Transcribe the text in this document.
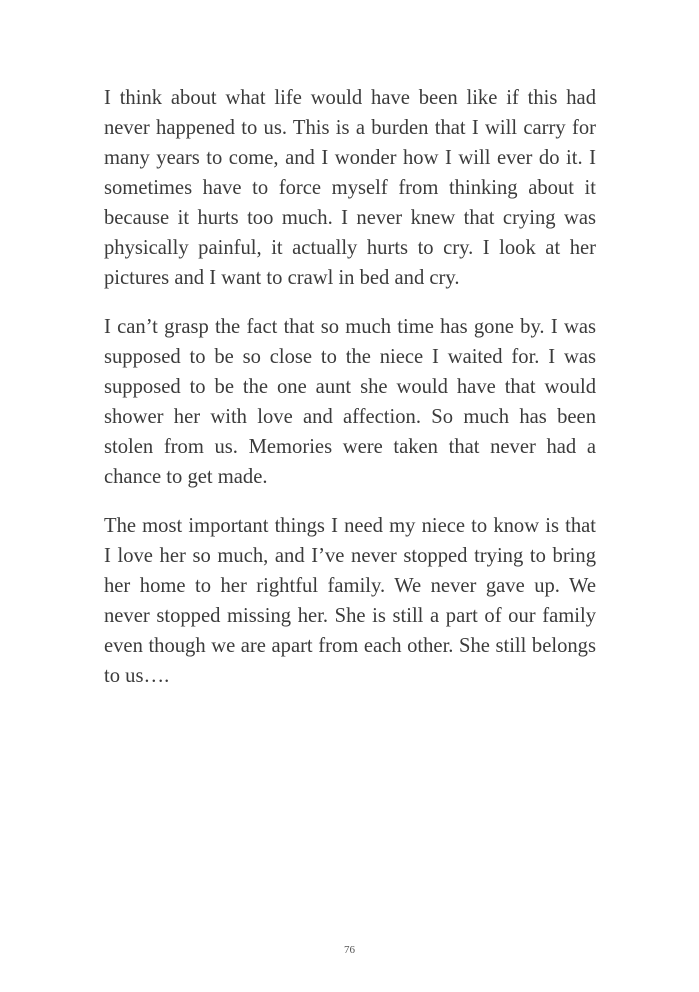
I think about what life would have been like if this had never happened to us. This is a burden that I will carry for many years to come, and I wonder how I will ever do it. I sometimes have to force myself from thinking about it because it hurts too much. I never knew that crying was physically painful, it actually hurts to cry. I look at her pictures and I want to crawl in bed and cry.

I can’t grasp the fact that so much time has gone by. I was supposed to be so close to the niece I waited for. I was supposed to be the one aunt she would have that would shower her with love and affection. So much has been stolen from us. Memories were taken that never had a chance to get made.

The most important things I need my niece to know is that I love her so much, and I’ve never stopped trying to bring her home to her rightful family. We never gave up. We never stopped missing her. She is still a part of our family even though we are apart from each other. She still belongs to us….

76
